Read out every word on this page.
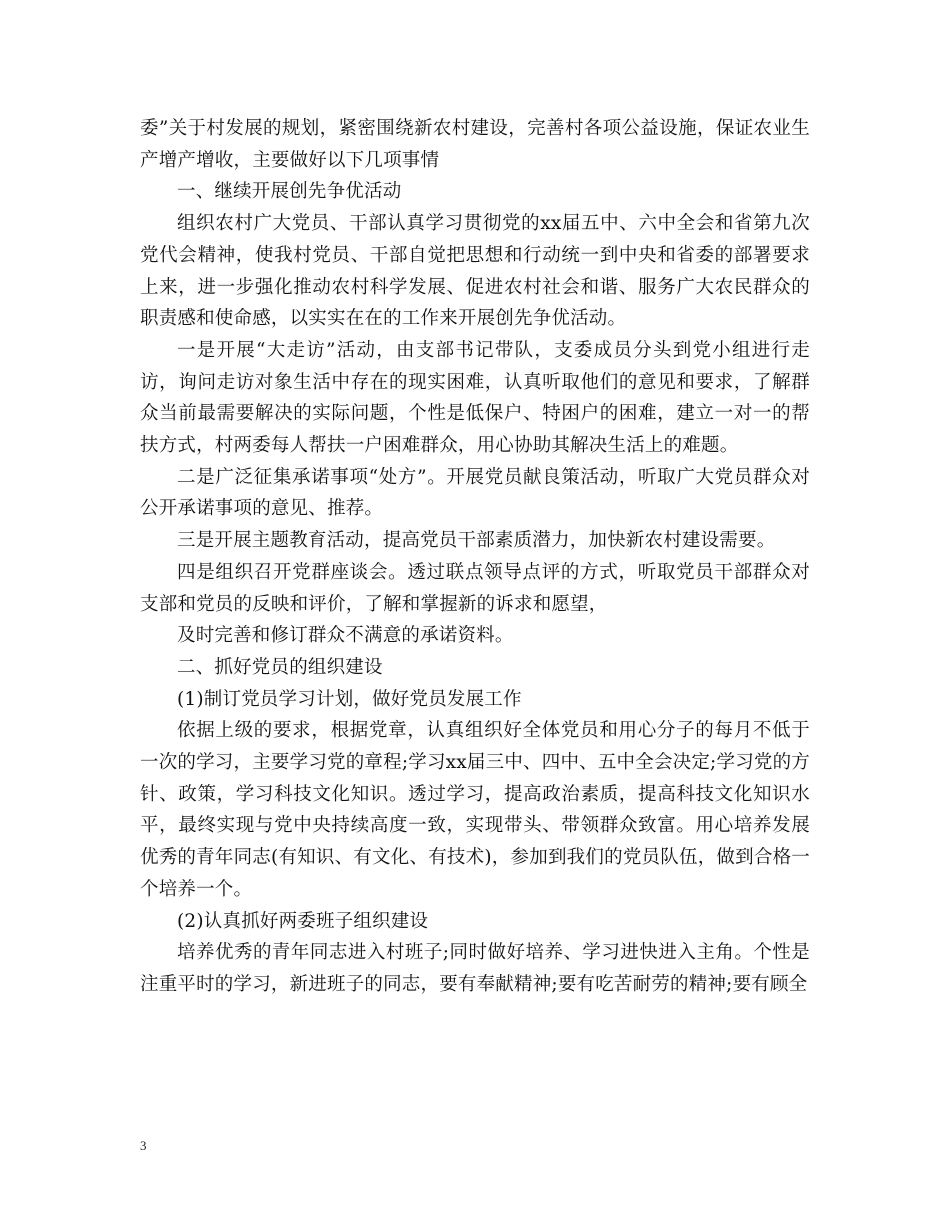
委”关于村发展的规划，紧密围绕新农村建设，完善村各项公益设施，保证农业生产增产增收，主要做好以下几项事情

一、继续开展创先争优活动

组织农村广大党员、干部认真学习贯彻党的xx届五中、六中全会和省第九次党代会精神，使我村党员、干部自觉把思想和行动统一到中央和省委的部署要求上来，进一步强化推动农村科学发展、促进农村社会和谐、服务广大农民群众的职责感和使命感，以实实在在的工作来开展创先争优活动。

一是开展“大走访”活动，由支部书记带队，支委成员分头到党小组进行走访，询问走访对象生活中存在的现实困难，认真听取他们的意见和要求，了解群众当前最需要解决的实际问题，个性是低保户、特困户的困难，建立一对一的帮扶方式，村两委每人帮扶一户困难群众，用心协助其解决生活上的难题。

二是广泛征集承诺事项“处方”。开展党员献良策活动，听取广大党员群众对公开承诺事项的意见、推荐。

三是开展主题教育活动，提高党员干部素质潜力，加快新农村建设需要。

四是组织召开党群座谈会。透过联点领导点评的方式，听取党员干部群众对支部和党员的反映和评价，了解和掌握新的诉求和愿望，

及时完善和修订群众不满意的承诺资料。

二、抓好党员的组织建设

(1)制订党员学习计划，做好党员发展工作

依据上级的要求，根据党章，认真组织好全体党员和用心分子的每月不低于一次的学习，主要学习党的章程;学习xx届三中、四中、五中全会决定;学习党的方针、政策，学习科技文化知识。透过学习，提高政治素质，提高科技文化知识水平，最终实现与党中央持续高度一致，实现带头、带领群众致富。用心培养发展优秀的青年同志(有知识、有文化、有技术)，参加到我们的党员队伍，做到合格一个培养一个。

(2)认真抓好两委班子组织建设

培养优秀的青年同志进入村班子;同时做好培养、学习进快进入主角。个性是注重平时的学习，新进班子的同志，要有奉献精神;要有吃苦耐劳的精神;要有顾全

3
